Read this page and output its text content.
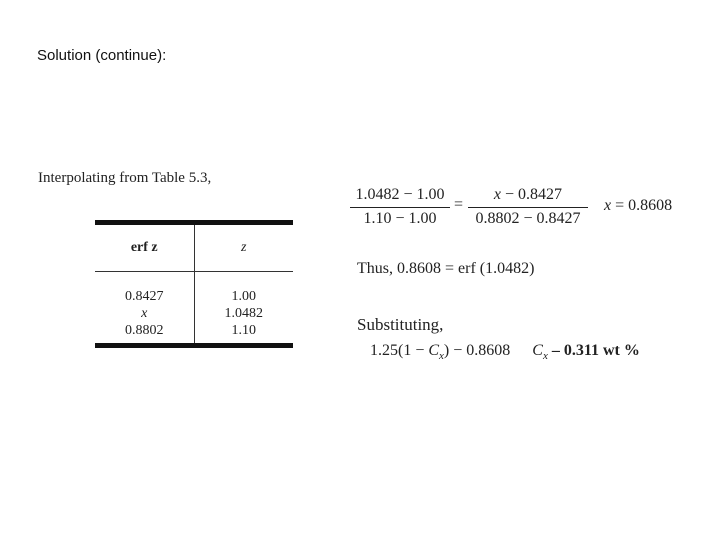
Solution (continue):
Interpolating from Table 5.3,
erf z	z
0.8427
x
0.8802
1.00
1.0482
1.10
1.0482 − 1.00
1.10 − 1.00
=
x − 0.8427
0.8802 − 0.8427
x = 0.8608
Thus, 0.8608 = erf (1.0482)
Substituting,
$1.25(1 - C_x) - 0.8608$ $C_x - 0.311$ wt %
